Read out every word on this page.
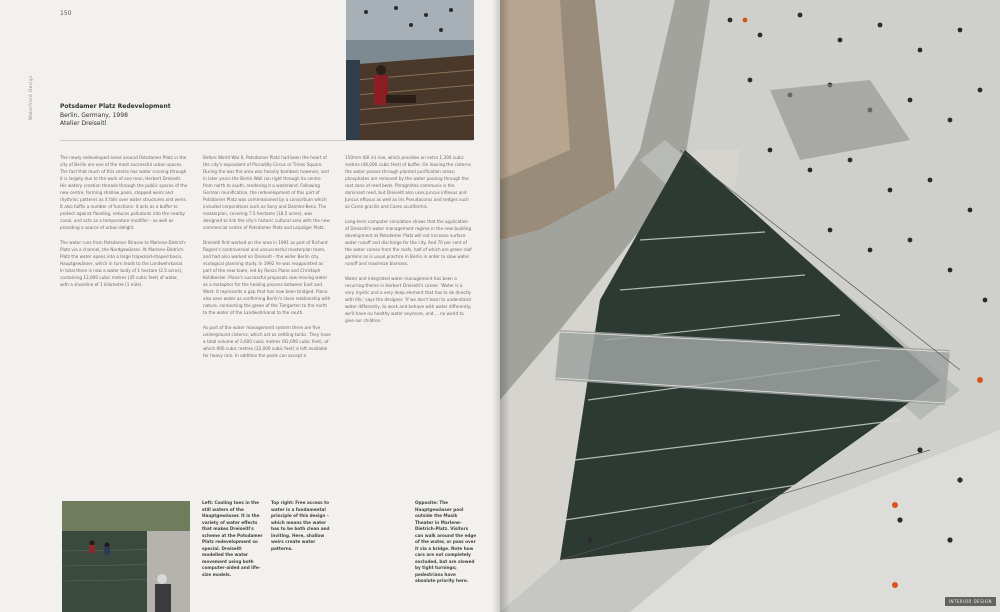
150
Waterfront Design	Potsdamer Platz Redevelopment
Berlin, Germany, 1998
Atelier Dreiseitl

The newly redeveloped areas around Potsdamer Platz in the city of Berlin are one of the most successful urban spaces. The fact that much of this centre has water running through it is largely due to the work of one man, Herbert Dreiseitl. His watery creation threads through the public spaces of the new centre, forming shallow pools, stepped weirs and rhythmic patterns as it falls over water structures and weirs. It also fulfils a number of functions: it acts as a buffer to protect against flooding, reduces pollutants into the nearby canal, and acts as a temperature modifier – as well as providing a source of urban delight.

The water runs from Potsdamer Strasse to Marlene-Dietrich-Platz via a channel, the Nordgewässer. At Marlene-Dietrich-Platz the water opens into a large trapezoid-shaped basin, Hauptgewässer, which in turn leads to the Landwehrkanal. In total there is now a water body of 1 hectare (2.5 acres), containing 12,000 cubic metres (35 cubic feet) of water, with a shoreline of 1 kilometre (1 mile).

Before World War II, Potsdamer Platz had been the heart of the city's equivalent of Piccadilly Circus or Times Square. During the war the area was heavily bombed, however, and in later years the Berlin Wall ran right through its centre from north to south, rendering it a wasteland. Following German reunification, the redevelopment of this part of Potsdamer Platz was commissioned by a consortium which included corporations such as Sony and Daimler-Benz. The masterplan, covering 7.5 hectares (18.5 acres), was designed to link the city's historic cultural area with the new commercial centre of Potsdamer Platz and Leipziger Platz.

Dreiseitl first worked on the area in 1991 as part of Richard Rogers's controversial and unsuccessful masterplan team, and had also worked on Dreiseitl – the wider Berlin city ecological planning study. In 1992 he was reappointed as part of the new team, led by Renzo Piano and Christoph Kohlbecker. Piano's successful proposals saw moving water as a metaphor for the healing process between East and West: it represents a gap that has now been bridged. Piano also sees water as confirming Berlin's close relationship with nature, connecting the green of the Tiergarten to the north to the water of the Landwehrkanal to the south.

As part of the water management system there are five underground cisterns, which act as settling tanks. They have a total volume of 2,600 cubic metres (92,000 cubic feet), of which 900 cubic metres (32,000 cubic feet) is left available for heavy rain. In addition the pools can accept a

150mm (60 in) rise, which provides an extra 1,300 cubic metres (46,000 cubic feet) of buffer. On leaving the cisterns the water passes through planted purification areas; phosphates are removed by the water passing through the root zone of reed beds. Phragmites communis is the dominant reed, but Dreiseitl also uses Juncus inflexus and Juncus effusus as well as Iris Pseudacorus and sedges such as Carex gracilis and Carex acutiformis.

Long-term computer simulation shows that the application of Dreiseitl's water management regime in the new building development at Potsdamer Platz will not increase surface water runoff and discharge for the city. And 70 per cent of the water comes from the roofs, half of which are green roof gardens as is usual practice in Berlin in order to slow water runoff and maximize biomass.

Water and integrated water management has been a recurring theme in Herbert Dreiseitl's career. 'Water is a very mystic and a very deep element that has to do directly with life,' says the designer. 'If we don't learn to understand water differently, to work and behave with water differently, we'll have no healthy water anymore, and ... no world to give our children.'

Left: Cooling toes in the still waters of the Hauptgewässer. It is the variety of water effects that makes Dreiseitl's scheme at the Potsdamer Platz redevelopment so special. Dreiseitl modelled the water movement using both computer-aided and life-size models.
Top right: Free access to water is a fundamental principle of this design – which means the water has to be both clean and inviting. Here, shallow weirs create water patterns.
Opposite: The Hauptgewässer pool outside the Musik Theater in Marlene-Dietrich-Platz. Visitors can walk around the edge of the water, or pass over it via a bridge. Note how cars are not completely excluded, but are slowed by tight turnings; pedestrians have absolute priority here.
INTERIOR DESIGN
